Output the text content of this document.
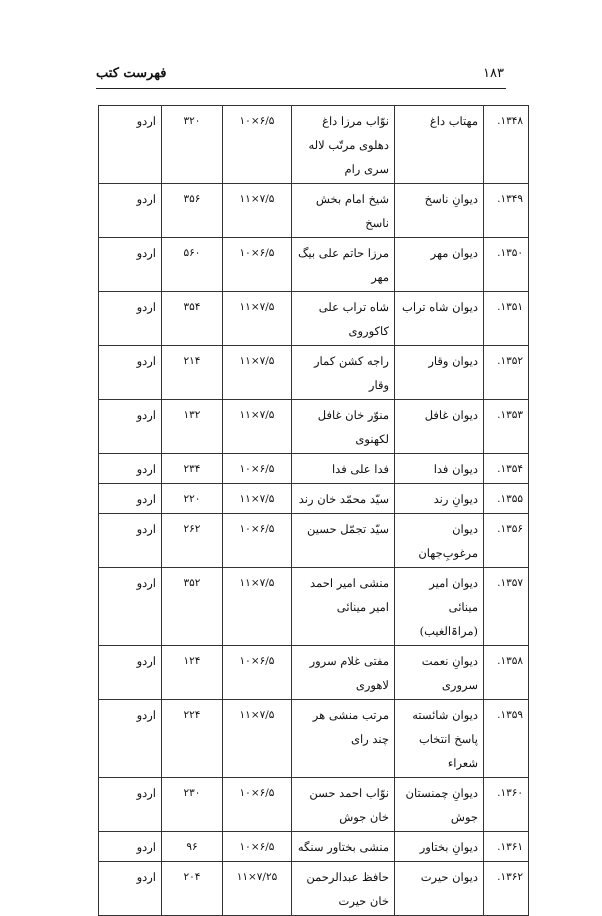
۱۸۳
فهرست کتب
۱۳۴۸.	مهتاب داغ	نوّاب مرزا داغ دهلوی مرتّب لاله سری رام	۱۰×۶/۵	۳۲۰	اردو
۱۳۴۹.	دیوانِ ناسخ	شیخ امام بخش ناسخ	۱۱×۷/۵	۳۵۶	اردو
۱۳۵۰.	دیوان مهر	مرزا حاتم علی بیگ مهر	۱۰×۶/۵	۵۶۰	اردو
۱۳۵۱.	دیوان شاه تراب	شاه تراب علی کاکوروی	۱۱×۷/۵	۳۵۴	اردو
۱۳۵۲.	دیوان وقار	راجه کشن کمار وقار	۱۱×۷/۵	۲۱۴	اردو
۱۳۵۳.	دیوان غافل	منوّر خان غافل لکهنوی	۱۱×۷/۵	۱۳۲	اردو
۱۳۵۴.	دیوان فدا	فدا علی فدا	۱۰×۶/۵	۲۳۴	اردو
۱۳۵۵.	دیوانِ رند	سیّد محمّد خان رند	۱۱×۷/۵	۲۲۰	اردو
۱۳۵۶.	دیوان مرغوبِ‌جهان	سیّد تجمّل حسین	۱۰×۶/۵	۲۶۲	اردو
۱۳۵۷.	دیوان امیر مینائی (مراۃالغیب)	منشی امیر احمد امیر مینائی	۱۱×۷/۵	۳۵۲	اردو
۱۳۵۸.	دیوانِ نعمت سروری	مفتی غلام سرور لاهوری	۱۰×۶/۵	۱۲۴	اردو
۱۳۵۹.	دیوان شائسته پاسخ انتخاب شعراء	مرتب منشی هر چند رای	۱۱×۷/۵	۲۲۴	اردو
۱۳۶۰.	دیوانِ چمنستان جوش	نوّاب احمد حسن خان جوش	۱۰×۶/۵	۲۳۰	اردو
۱۳۶۱.	دیوانِ بختاور	منشی بختاور سنگه	۱۰×۶/۵	۹۶	اردو
۱۳۶۲.	دیوان حیرت	حافظ عبدالرحمن خان حیرت	۱۱×۷/۲۵	۲۰۴	اردو
